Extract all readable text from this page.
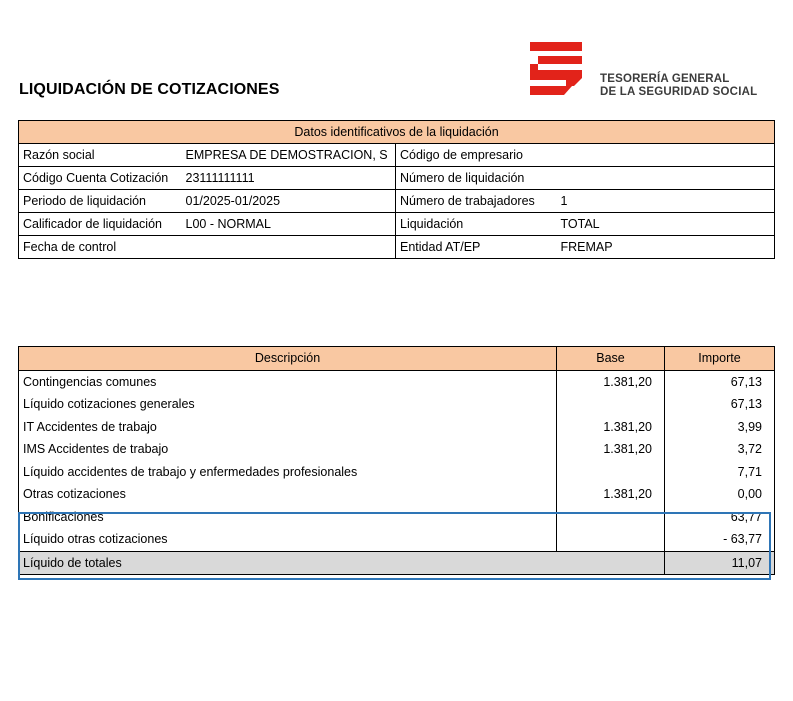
LIQUIDACIÓN DE COTIZACIONES
TESORERÍA GENERAL
DE LA SEGURIDAD SOCIAL
Datos identificativos de la liquidación			
Razón social	EMPRESA DE DEMOSTRACION, S	Código de empresario	
Código Cuenta Cotización	23111111111	Número de liquidación	
Periodo de liquidación	01/2025-01/2025	Número de trabajadores	1
Calificador de liquidación	L00 - NORMAL	Liquidación	TOTAL
Fecha de control		Entidad AT/EP	FREMAP
Descripción	Base	Importe
Contingencias comunes	1.381,20	67,13
Líquido cotizaciones generales		67,13
IT Accidentes de trabajo	1.381,20	3,99
IMS Accidentes de trabajo	1.381,20	3,72
Líquido accidentes de trabajo y enfermedades profesionales		7,71
Otras cotizaciones	1.381,20	0,00
Bonificaciones		63,77
Líquido otras cotizaciones		- 63,77
Líquido de totales		11,07
